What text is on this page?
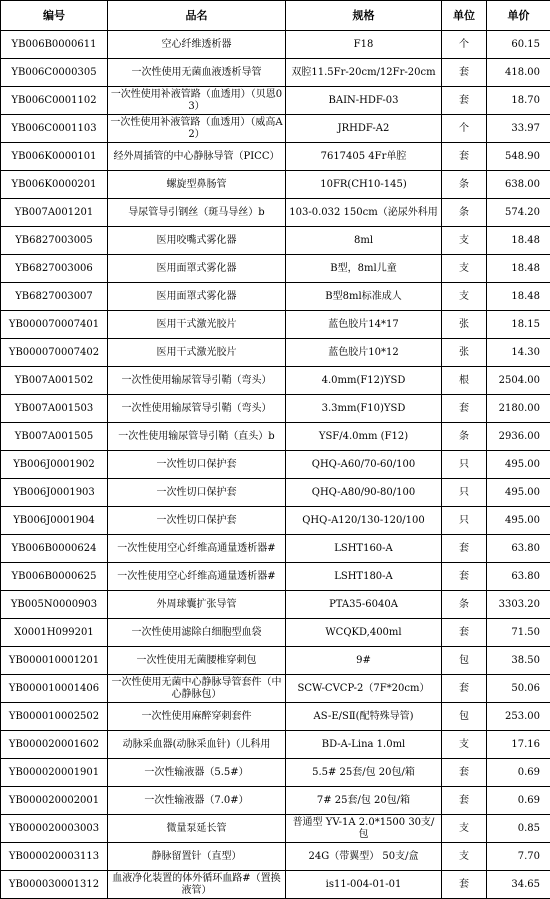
编号	品名	规格	单位	单价
YB006B0000611	空心纤维透析器	F18	个	60.15
YB006C0000305	一次性使用无菌血液透析导管	双腔11.5Fr-20cm/12Fr-20cm	套	418.00
YB006C0001102	一次性使用补液管路（血透用）（贝恩03）	BAIN-HDF-03	套	18.70
YB006C0001103	一次性使用补液管路（血透用）（威高A2）	JRHDF-A2	个	33.97
YB006K0000101	经外周插管的中心静脉导管（PICC）	7617405 4Fr单腔	套	548.90
YB006K0000201	螺旋型鼻肠管	10FR(CH10-145)	条	638.00
YB007A001201	导尿管导引钢丝（斑马导丝）b	103-0.032 150cm（泌尿外科用	条	574.20
YB6827003005	医用咬嘴式雾化器	8ml	支	18.48
YB6827003006	医用面罩式雾化器	B型，8ml儿童	支	18.48
YB6827003007	医用面罩式雾化器	B型8ml标准成人	支	18.48
YB000070007401	医用干式激光胶片	蓝色胶片14*17	张	18.15
YB000070007402	医用干式激光胶片	蓝色胶片10*12	张	14.30
YB007A001502	一次性使用输尿管导引鞘（弯头）	4.0mm(F12)YSD	根	2504.00
YB007A001503	一次性使用输尿管导引鞘（弯头）	3.3mm(F10)YSD	套	2180.00
YB007A001505	一次性使用输尿管导引鞘（直头）b	YSF/4.0mm (F12)	条	2936.00
YB006J0001902	一次性切口保护套	QHQ-A60/70-60/100	只	495.00
YB006J0001903	一次性切口保护套	QHQ-A80/90-80/100	只	495.00
YB006J0001904	一次性切口保护套	QHQ-A120/130-120/100	只	495.00
YB006B0000624	一次性使用空心纤维高通量透析器#	LSHT160-A	套	63.80
YB006B0000625	一次性使用空心纤维高通量透析器#	LSHT180-A	套	63.80
YB005N0000903	外周球囊扩张导管	PTA35-6040A	条	3303.20
X0001H099201	一次性使用滤除白细胞型血袋	WCQKD,400ml	套	71.50
YB000010001201	一次性使用无菌腰椎穿刺包	9#	包	38.50
YB000010001406	一次性使用无菌中心静脉导管套件（中心静脉包）	SCW-CVCP-2（7F*20cm）	套	50.06
YB000010002502	一次性使用麻醉穿刺套件	AS-E/SⅡ(配特殊导管)	包	253.00
YB000020001602	动脉采血器(动脉采血针)（儿科用	BD-A-Lina 1.0ml	支	17.16
YB000020001901	一次性输液器（5.5#）	5.5# 25套/包 20包/箱	套	0.69
YB000020002001	一次性输液器（7.0#）	7# 25套/包 20包/箱	套	0.69
YB000020003003	微量泵延长管	普通型 YV-1A 2.0*1500 30支/包	支	0.85
YB000020003113	静脉留置针（直型）	24G（带翼型） 50支/盒	支	7.70
YB000030001312	血液净化装置的体外循环血路#（置换液管）	is11-004-01-01	套	34.65
